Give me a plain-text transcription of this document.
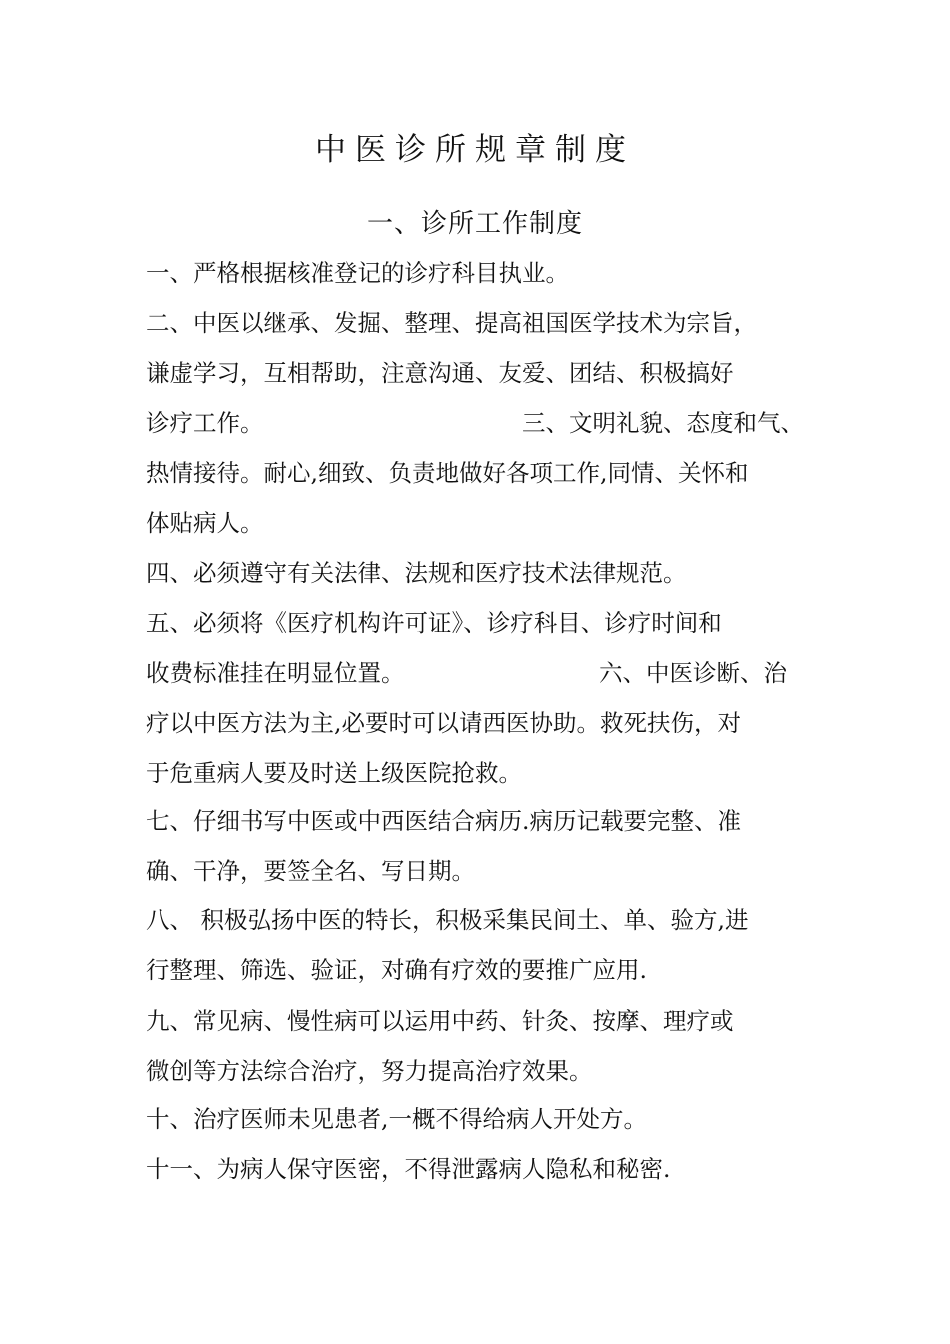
中医诊所规章制度
一、诊所工作制度
一、严格根据核准登记的诊疗科目执业。
二、中医以继承、发掘、整理、提高祖国医学技术为宗旨，
谦虚学习，互相帮助，注意沟通、友爱、团结、积极搞好
诊疗工作。	三、文明礼貌、态度和气、
热情接待。耐心,细致、负责地做好各项工作,同情、关怀和
体贴病人。
四、必须遵守有关法律、法规和医疗技术法律规范。
五、必须将《医疗机构许可证》、诊疗科目、诊疗时间和
收费标准挂在明显位置。	六、中医诊断、治
疗以中医方法为主,必要时可以请西医协助。救死扶伤，对
于危重病人要及时送上级医院抢救。
七、仔细书写中医或中西医结合病历.病历记载要完整、准
确、干净，要签全名、写日期。
八、 积极弘扬中医的特长，积极采集民间土、单、验方,进
行整理、筛选、验证，对确有疗效的要推广应用.
九、常见病、慢性病可以运用中药、针灸、按摩、理疗或
微创等方法综合治疗，努力提高治疗效果。
十、治疗医师未见患者,一概不得给病人开处方。
十一、为病人保守医密，不得泄露病人隐私和秘密.
